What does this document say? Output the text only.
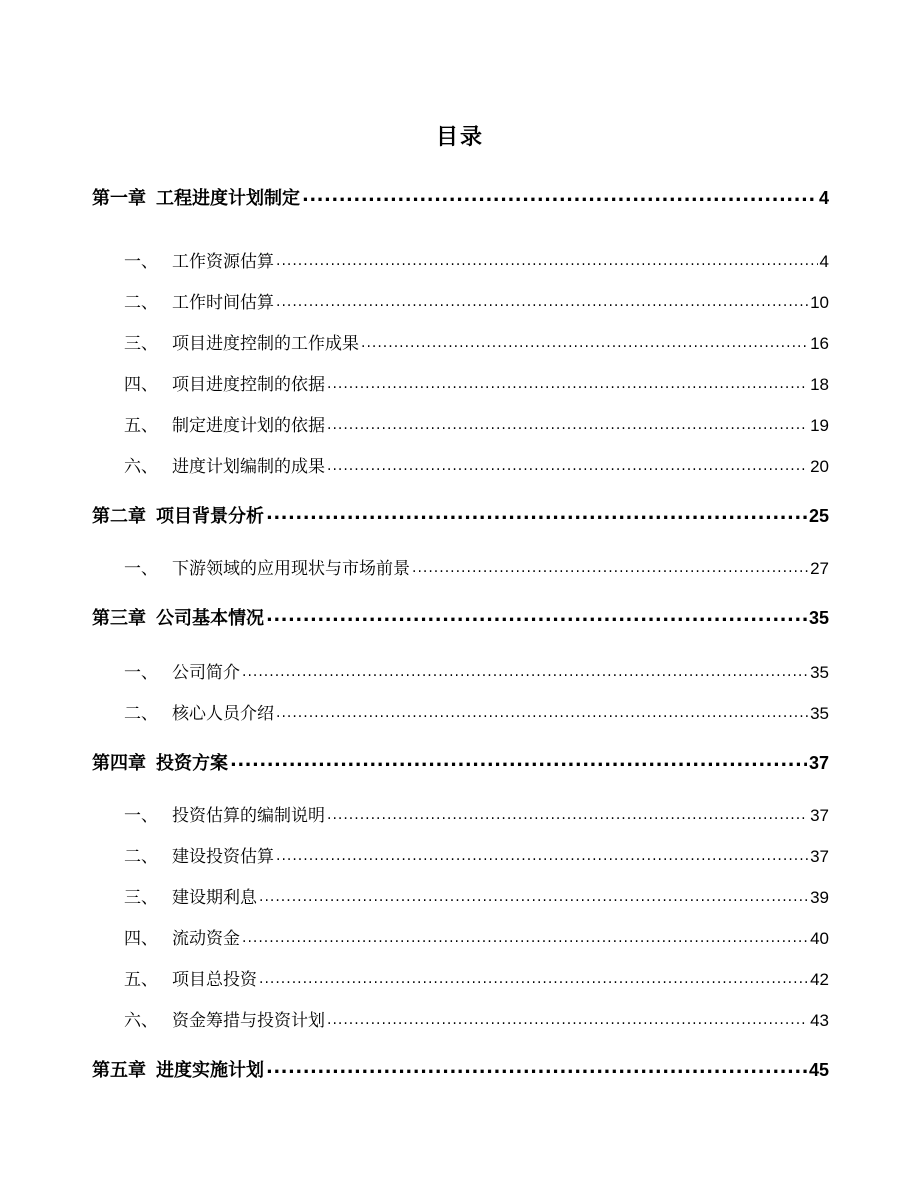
目录
第一章 工程进度计划制定 .....	4
一、 工作资源估算 .....	4
二、 工作时间估算 .....	10
三、 项目进度控制的工作成果 .....	16
四、 项目进度控制的依据 .....	18
五、 制定进度计划的依据 .....	19
六、 进度计划编制的成果 .....	20
第二章 项目背景分析 .....	25
一、 下游领域的应用现状与市场前景 .....	27
第三章 公司基本情况 .....	35
一、 公司简介 .....	35
二、 核心人员介绍 .....	35
第四章 投资方案 .....	37
一、 投资估算的编制说明 .....	37
二、 建设投资估算 .....	37
三、 建设期利息 .....	39
四、 流动资金 .....	40
五、 项目总投资 .....	42
六、 资金筹措与投资计划 .....	43
第五章 进度实施计划 .....	45
